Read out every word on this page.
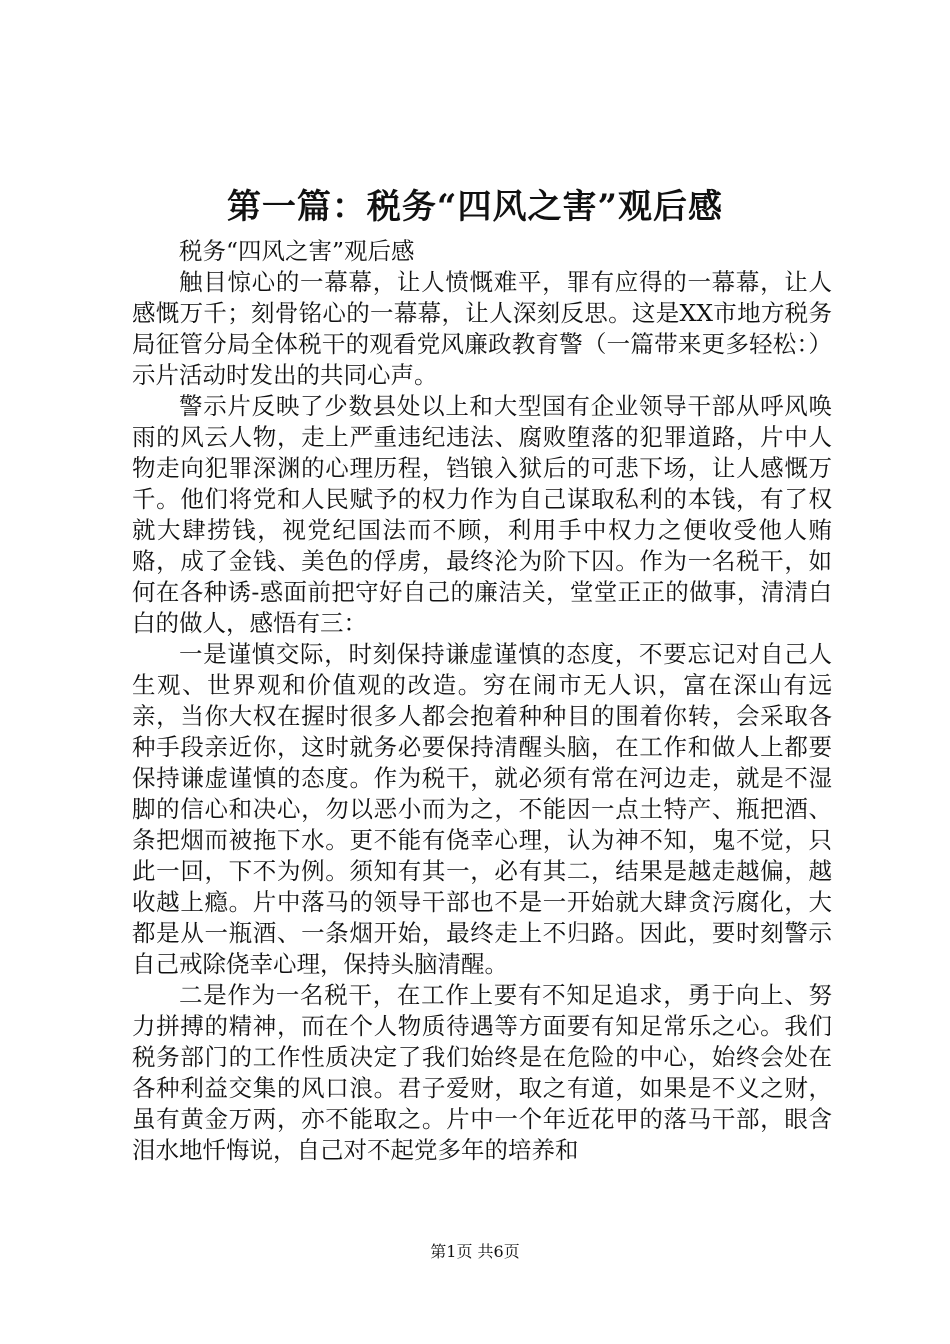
第一篇：税务“四风之害”观后感

税务“四风之害”观后感

触目惊心的一幕幕，让人愤慨难平，罪有应得的一幕幕，让人感慨万千；刻骨铭心的一幕幕，让人深刻反思。这是XX市地方税务局征管分局全体税干的观看党风廉政教育警（一篇带来更多轻松：）示片活动时发出的共同心声。

警示片反映了少数县处以上和大型国有企业领导干部从呼风唤雨的风云人物，走上严重违纪违法、腐败堕落的犯罪道路，片中人物走向犯罪深渊的心理历程，铛锒入狱后的可悲下场，让人感慨万千。他们将党和人民赋予的权力作为自己谋取私利的本钱，有了权就大肆捞钱，视党纪国法而不顾，利用手中权力之便收受他人贿赂，成了金钱、美色的俘虏，最终沦为阶下囚。作为一名税干，如何在各种诱-惑面前把守好自己的廉洁关，堂堂正正的做事，清清白白的做人，感悟有三：

一是谨慎交际，时刻保持谦虚谨慎的态度，不要忘记对自己人生观、世界观和价值观的改造。穷在闹市无人识，富在深山有远亲，当你大权在握时很多人都会抱着种种目的围着你转，会采取各种手段亲近你，这时就务必要保持清醒头脑，在工作和做人上都要保持谦虚谨慎的态度。作为税干，就必须有常在河边走，就是不湿脚的信心和决心，勿以恶小而为之，不能因一点土特产、瓶把酒、条把烟而被拖下水。更不能有侥幸心理，认为神不知，鬼不觉，只此一回，下不为例。须知有其一，必有其二，结果是越走越偏，越收越上瘾。片中落马的领导干部也不是一开始就大肆贪污腐化，大都是从一瓶酒、一条烟开始，最终走上不归路。因此，要时刻警示自己戒除侥幸心理，保持头脑清醒。

二是作为一名税干，在工作上要有不知足追求，勇于向上、努力拼搏的精神，而在个人物质待遇等方面要有知足常乐之心。我们税务部门的工作性质决定了我们始终是在危险的中心，始终会处在各种利益交集的风口浪。君子爱财，取之有道，如果是不义之财，虽有黄金万两，亦不能取之。片中一个年近花甲的落马干部，眼含泪水地忏悔说，自己对不起党多年的培养和

第1页 共6页
